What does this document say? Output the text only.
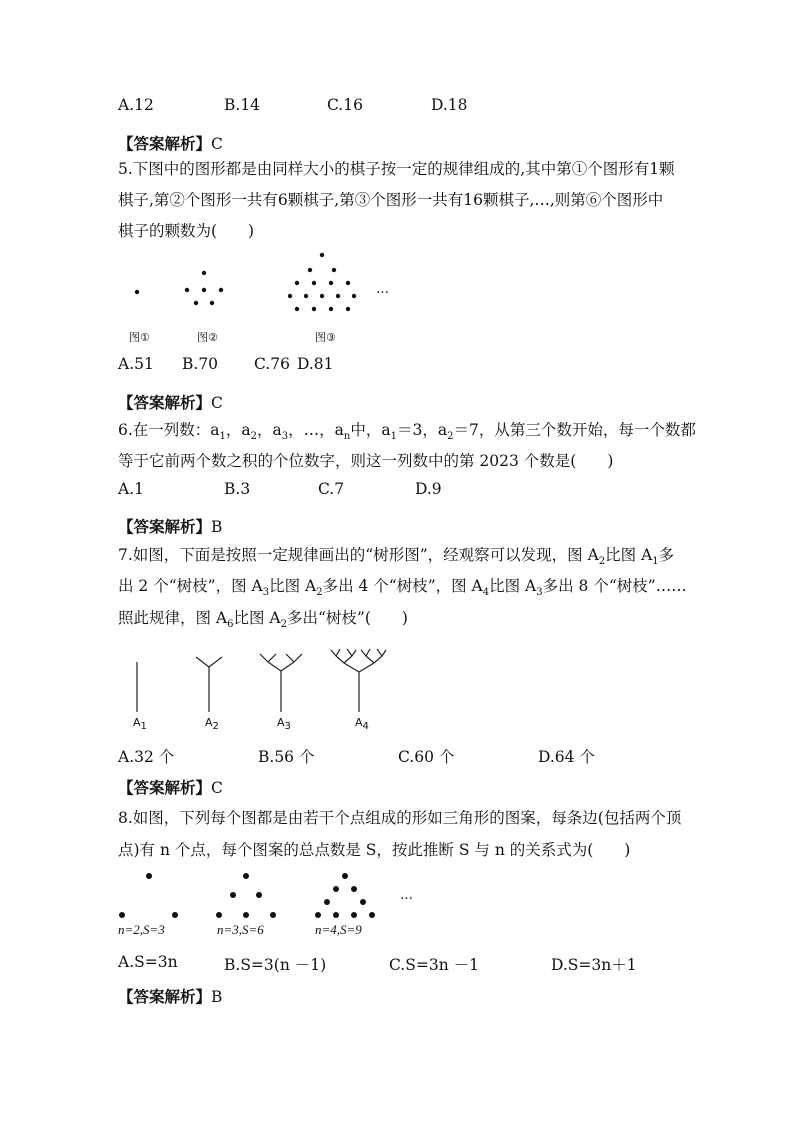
A.12	B.14	C.16	D.18
【答案解析】C
5.下图中的图形都是由同样大小的棋子按一定的规律组成的,其中第①个图形有1颗
棋子,第②个图形一共有6颗棋子,第③个图形一共有16颗棋子,…,则第⑥个图形中
棋子的颗数为(　　)
…
图①	图②	图③
A.51 B.70 C.76 D.81
【答案解析】C
6.在一列数：$a_1$，$a_2$，$a_3$，…，$a_n$中，$a_1=3$，$a_2=7$，从第三个数开始，每一个数都
等于它前两个数之积的个位数字，则这一列数中的第 2023 个数是(　　)
A.1	B.3	C.7	D.9
【答案解析】B
7.如图，下面是按照一定规律画出的“树形图”，经观察可以发现，图 $A_2$比图 $A_1$多
出 2 个“树枝”，图 $A_3$比图 $A_2$多出 4 个“树枝”，图 $A_4$比图 $A_3$多出 8 个“树枝”……
照此规律，图 $A_6$比图 $A_2$多出“树枝”(　　)
$A_1$	$A_2$	$A_3$	$A_4$
A.32 个	B.56 个	C.60 个	D.64 个
【答案解析】C
8.如图，下列每个图都是由若干个点组成的形如三角形的图案，每条边(包括两个顶
点)有 n 个点，每个图案的总点数是 S，按此推断 S 与 n 的关系式为(　　)
…
n=2,S=3	n=3,S=6	n=4,S=9
A.S=3n	B.S=3(n －1)	C.S=3n －1	D.S=3n＋1
【答案解析】B
